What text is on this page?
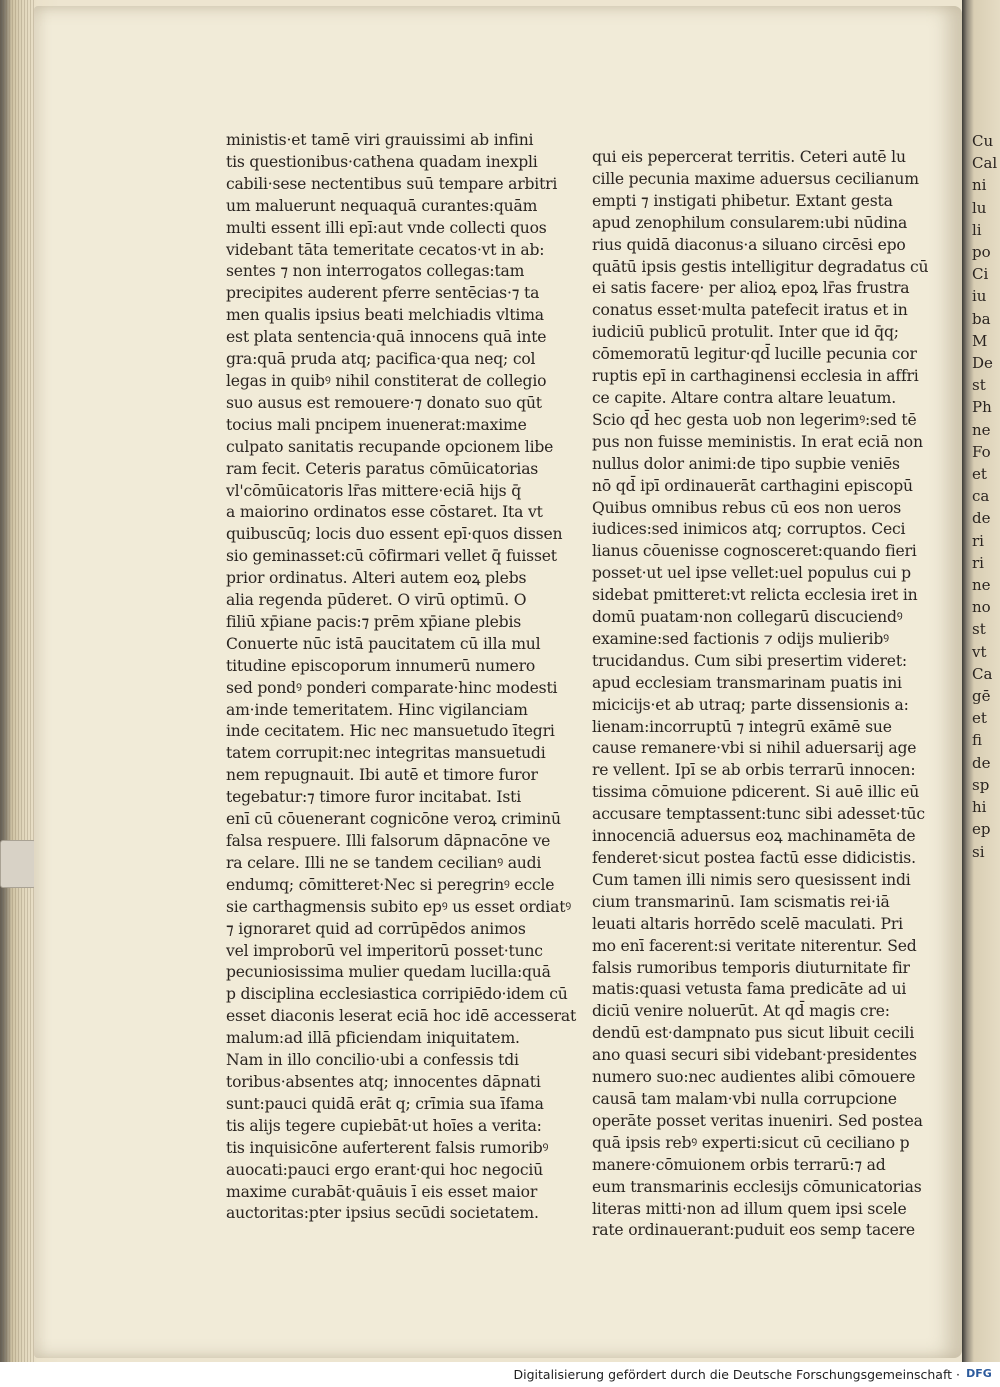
Cu
Cal
ni
lu
li
po
Ci
iu
ba
M
De
st
Ph
ne
Fo
et
ca
de
ri
ri
ne
no
st
vt
Ca
gē
et
fi
de
sp
hi
ep
si
ministis·et tamē viri grauissimi ab infini
tis questionibus·cathena quadam inexpli
cabili·sese nectentibus suū tempare arbitri
um maluerunt nequaquā curantes:quām
multi essent illi epī:aut vnde collecti quos
videbant tāta temeritate cecatos·vt in ab:
sentes ⁊ non interrogatos collegas:tam
precipites auderent pferre sentēcias·⁊ ta
men qualis ipsius beati melchiadis vltima
est plata sentencia·quā innocens quā inte
gra:quā pruda atq; pacifica·qua neq; col
legas in quibꝰ nihil constiterat de collegio
suo ausus est remouere·⁊ donato suo qūt
tocius mali pncipem inuenerat:maxime
culpato sanitatis recupande opcionem libe
ram fecit. Ceteris paratus cōmūicatorias
vl'cōmūicatoris lr̄as mittere·eciā hijs q̄
a maiorino ordinatos esse cōstaret. Ita vt
quibuscūq; locis duo essent epī·quos dissen
sio geminasset:cū cōfirmari vellet q̄ fuisset
prior ordinatus. Alteri autem eoꝝ plebs
alia regenda pūderet. O virū optimū. O
filiū xp̄iane pacis:⁊ prēm xp̄iane plebis
Conuerte nūc istā paucitatem cū illa mul
titudine episcoporum innumerū numero
sed pondꝰ ponderi comparate·hinc modesti
am·inde temeritatem. Hinc vigilanciam
inde cecitatem. Hic nec mansuetudo ītegri
tatem corrupit:nec integritas mansuetudi
nem repugnauit. Ibi autē et timore furor
tegebatur:⁊ timore furor incitabat. Isti
enī cū cōuenerant cognicōne veroꝝ criminū
falsa respuere. Illi falsorum dāpnacōne ve
ra celare. Illi ne se tandem cecilianꝰ audi
endumq; cōmitteret·Nec si peregrinꝰ eccle
sie carthagmensis subito epꝰ us esset ordiatꝰ
⁊ ignoraret quid ad corrūpēdos animos
vel improborū vel imperitorū posset·tunc
pecuniosissima mulier quedam lucilla:quā
p disciplina ecclesiastica corripiēdo·idem cū
esset diaconis leserat eciā hoc idē accesserat
malum:ad illā pficiendam iniquitatem.
Nam in illo concilio·ubi a confessis tdi
toribus·absentes atq; innocentes dāpnati
sunt:pauci quidā erāt q; crīmia sua īfama
tis alijs tegere cupiebāt·ut hoīes a verita:
tis inquisicōne auferterent falsis rumoribꝰ
auocati:pauci ergo erant·qui hoc negociū
maxime curabāt·quāuis ī eis esset maior
auctoritas:pter ipsius secūdi societatem.
qui eis pepercerat territis. Ceteri autē lu
cille pecunia maxime aduersus cecilianum
empti ⁊ instigati phibetur. Extant gesta
apud zenophilum consularem:ubi nūdina
rius quidā diaconus·a siluano circēsi epo
quātū ipsis gestis intelligitur degradatus cū
ei satis facere· per alioꝝ epoꝝ lr̄as frustra
conatus esset·multa patefecit iratus et in
iudiciū publicū protulit. Inter que id q̄q;
cōmemoratū legitur·qd̄ lucille pecunia cor
ruptis epī in carthaginensi ecclesia in affri
ce capite. Altare contra altare leuatum.
Scio qd̄ hec gesta uob non legerimꝰ:sed tē
pus non fuisse meministis. In erat eciā non
nullus dolor animi:de tipo supbie veniēs
nō qd̄ ipī ordinauerāt carthagini episcopū
Quibus omnibus rebus cū eos non ueros
iudices:sed inimicos atq; corruptos. Ceci
lianus cōuenisse cognosceret:quando fieri
posset·ut uel ipse vellet:uel populus cui p
sidebat pmitteret:vt relicta ecclesia iret in
domū puatam·non collegarū discuciendꝰ
examine:sed factionis ⁊ odijs mulieribꝰ
trucidandus. Cum sibi presertim videret:
apud ecclesiam transmarinam puatis ini
micicijs·et ab utraq; parte dissensionis a:
lienam:incorruptū ⁊ integrū exāmē sue
cause remanere·vbi si nihil aduersarij age
re vellent. Ipī se ab orbis terrarū innocen:
tissima cōmuione pdicerent. Si auē illic eū
accusare temptassent:tunc sibi adesset·tūc
innocenciā aduersus eoꝝ machinamēta de
fenderet·sicut postea factū esse didicistis.
Cum tamen illi nimis sero quesissent indi
cium transmarinū. Iam scismatis rei·iā
leuati altaris horrēdo scelē maculati. Pri
mo enī facerent:si veritate niterentur. Sed
falsis rumoribus temporis diuturnitate fir
matis:quasi vetusta fama predicāte ad ui
diciū venire noluerūt. At qd̄ magis cre:
dendū est·dampnato pus sicut libuit cecili
ano quasi securi sibi videbant·presidentes
numero suo:nec audientes alibi cōmouere
causā tam malam·vbi nulla corrupcione
operāte posset veritas inueniri. Sed postea
quā ipsis rebꝰ experti:sicut cū ceciliano p
manere·cōmuionem orbis terrarū:⁊ ad
eum transmarinis ecclesijs cōmunicatorias
literas mitti·non ad illum quem ipsi scele
rate ordinauerant:puduit eos semp tacere
Digitalisierung gefördert durch die Deutsche Forschungsgemeinschaft · DFG
